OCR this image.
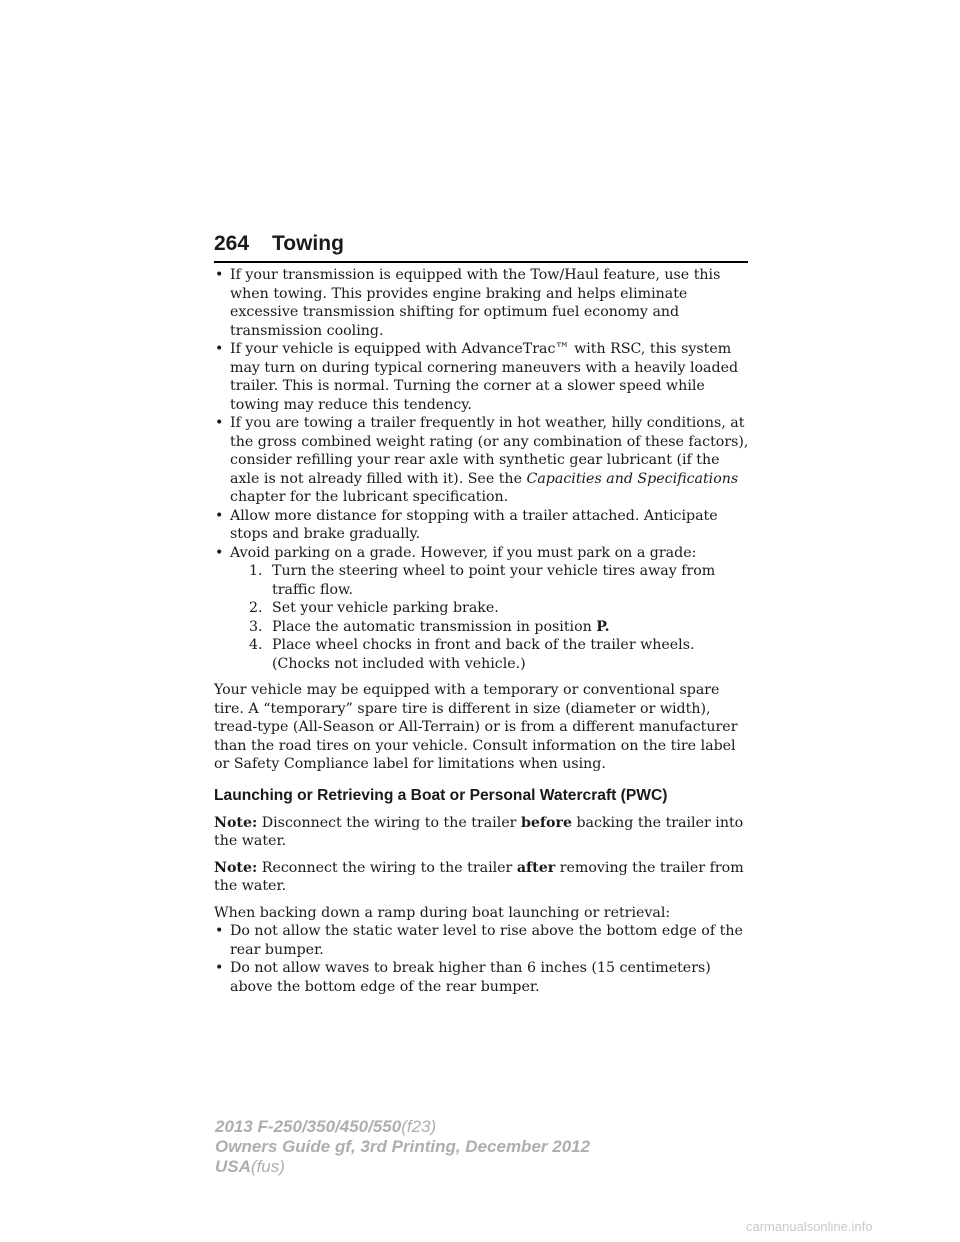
264 Towing
• If your transmission is equipped with the Tow/Haul feature, use this when towing. This provides engine braking and helps eliminate excessive transmission shifting for optimum fuel economy and transmission cooling.
• If your vehicle is equipped with AdvanceTrac™ with RSC, this system may turn on during typical cornering maneuvers with a heavily loaded trailer. This is normal. Turning the corner at a slower speed while towing may reduce this tendency.
• If you are towing a trailer frequently in hot weather, hilly conditions, at the gross combined weight rating (or any combination of these factors), consider refilling your rear axle with synthetic gear lubricant (if the axle is not already filled with it). See the Capacities and Specifications chapter for the lubricant specification.
• Allow more distance for stopping with a trailer attached. Anticipate stops and brake gradually.
• Avoid parking on a grade. However, if you must park on a grade:
1. Turn the steering wheel to point your vehicle tires away from traffic flow.
2. Set your vehicle parking brake.
3. Place the automatic transmission in position P.
4. Place wheel chocks in front and back of the trailer wheels. (Chocks not included with vehicle.)

Your vehicle may be equipped with a temporary or conventional spare tire. A “temporary” spare tire is different in size (diameter or width), tread-type (All-Season or All-Terrain) or is from a different manufacturer than the road tires on your vehicle. Consult information on the tire label or Safety Compliance label for limitations when using.

Launching or Retrieving a Boat or Personal Watercraft (PWC)

Note: Disconnect the wiring to the trailer before backing the trailer into the water.

Note: Reconnect the wiring to the trailer after removing the trailer from the water.

When backing down a ramp during boat launching or retrieval:

• Do not allow the static water level to rise above the bottom edge of the rear bumper.
• Do not allow waves to break higher than 6 inches (15 centimeters) above the bottom edge of the rear bumper.
2013 F-250/350/450/550(f23)
Owners Guide gf, 3rd Printing, December 2012
USA(fus)
carmanualsonline.info
